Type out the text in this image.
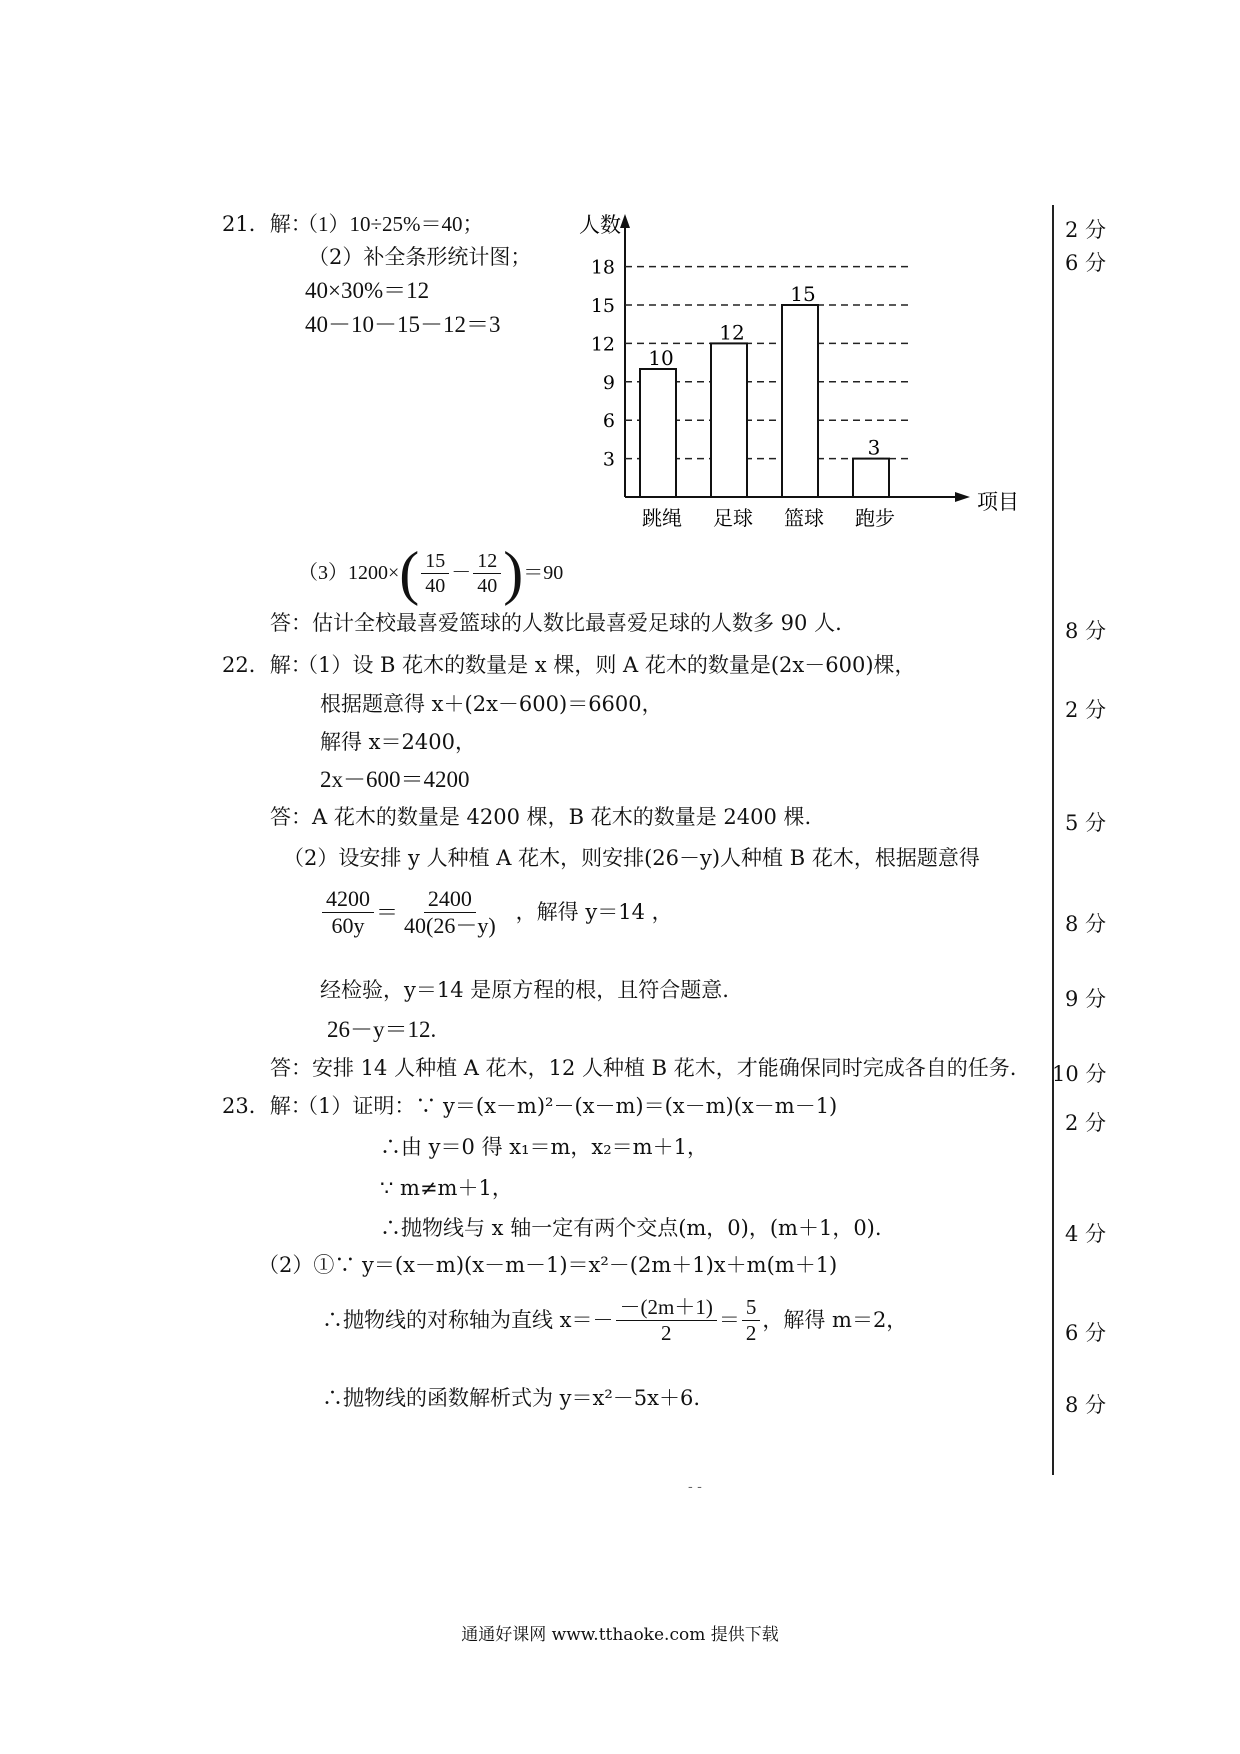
21．解：
（1）10÷25%＝40；
（2）补全条形统计图；
40×30%＝12
40－10－15－12＝3
3
6
9
12
15
18
人数
项目
10
跳绳
12
足球
15
篮球
3
跑步
（3）1200× ( $\frac{15}{40} - \frac{12}{40}$ ) ＝90
答：估计全校最喜爱篮球的人数比最喜爱足球的人数多 90 人.
22．解：
（1）设 B 花木的数量是 x 棵，则 A 花木的数量是(2x－600)棵，
根据题意得 x＋(2x－600)＝6600，
解得 x＝2400，
2x－600＝4200
答：A 花木的数量是 4200 棵，B 花木的数量是 2400 棵.
（2）设安排 y 人种植 A 花木，则安排(26－y)人种植 B 花木，根据题意得
$\frac{4200}{60y} = \frac{2400}{40(26-y)}$ ，解得 y＝14 ，
经检验，y＝14 是原方程的根，且符合题意.
26－y＝12.
答：安排 14 人种植 A 花木，12 人种植 B 花木，才能确保同时完成各自的任务.
23．解：
（1）证明：∵ y＝(x－m)²－(x－m)＝(x－m)(x－m－1)
∴由 y＝0 得 x₁＝m，x₂＝m＋1，
∵ m≠m＋1，
∴抛物线与 x 轴一定有两个交点(m，0)，(m＋1，0).
（2）①∵ y＝(x－m)(x－m－1)＝x²－(2m＋1)x＋m(m＋1)
∴抛物线的对称轴为直线 $x=- \frac{-(2m+1)}{2} = \frac{5}{2}$ ，解得 m＝2，
∴抛物线的函数解析式为 y＝x²－5x＋6.
2 分
6 分
8 分
2 分
5 分
8 分
9 分
10 分
2 分
4 分
6 分
8 分
- -
通通好课网 www.tthaoke.com 提供下载
